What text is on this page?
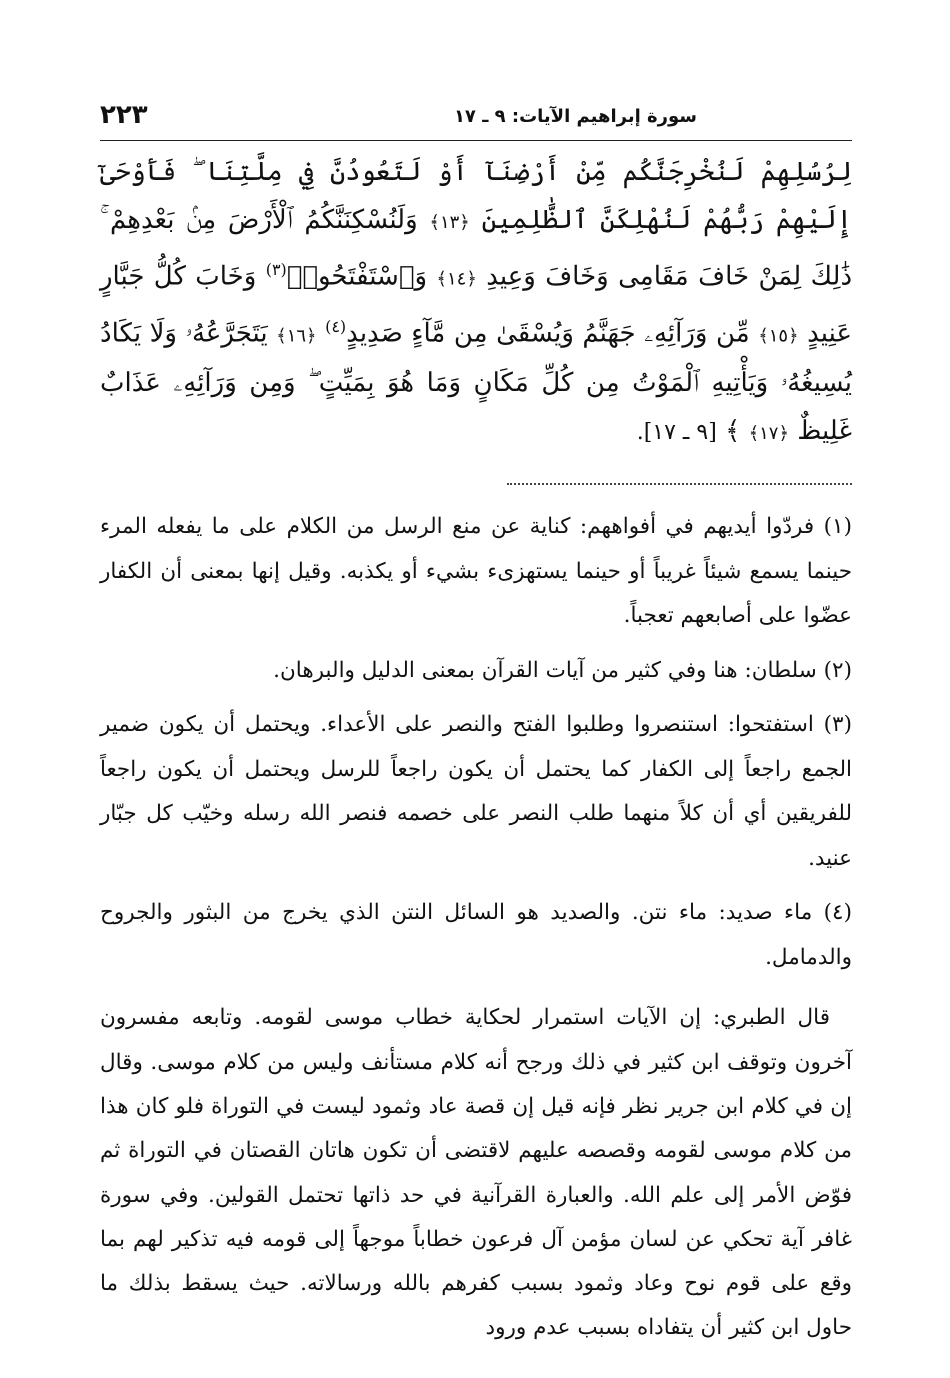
٢٢٣	سورة إبراهيم الآيات: ٩ ـ ١٧
لِرُسُلِهِمْ لَنُخْرِجَنَّكُم مِّنْ أَرْضِنَآ أَوْ لَتَعُودُنَّ فِي مِلَّتِنَا ۖ فَأَوْحَىٰٓ إِلَيْهِمْ رَبُّهُمْ لَنُهْلِكَنَّ ٱلظَّٰلِمِينَ ﴿١٣﴾ وَلَنُسْكِنَنَّكُمُ ٱلْأَرْضَ مِنۢ بَعْدِهِمْ ۚ ذَٰلِكَ لِمَنْ خَافَ مَقَامِى وَخَافَ وَعِيدِ ﴿١٤﴾ وَٱسْتَفْتَحُوا۟$^{(٣)}$ وَخَابَ كُلُّ جَبَّارٍ عَنِيدٍ ﴿١٥﴾ مِّن وَرَآئِهِۦ جَهَنَّمُ وَيُسْقَىٰ مِن مَّآءٍ صَدِيدٍ$^{(٤)}$ ﴿١٦﴾ يَتَجَرَّعُهُۥ وَلَا يَكَادُ يُسِيغُهُۥ وَيَأْتِيهِ ٱلْمَوْتُ مِن كُلِّ مَكَانٍ وَمَا هُوَ بِمَيِّتٍ ۖ وَمِن وَرَآئِهِۦ عَذَابٌ غَلِيظٌ ﴿١٧﴾ ﴾ [٩ ـ ١٧].

(١) فردّوا أيديهم في أفواههم: كناية عن منع الرسل من الكلام على ما يفعله المرء حينما يسمع شيئاً غريباً أو حينما يستهزىء بشيء أو يكذبه. وقيل إنها بمعنى أن الكفار عضّوا على أصابعهم تعجباً.

(٢) سلطان: هنا وفي كثير من آيات القرآن بمعنى الدليل والبرهان.

(٣) استفتحوا: استنصروا وطلبوا الفتح والنصر على الأعداء. ويحتمل أن يكون ضمير الجمع راجعاً إلى الكفار كما يحتمل أن يكون راجعاً للرسل ويحتمل أن يكون راجعاً للفريقين أي أن كلاً منهما طلب النصر على خصمه فنصر الله رسله وخيّب كل جبّار عنيد.

(٤) ماء صديد: ماء نتن. والصديد هو السائل النتن الذي يخرج من البثور والجروح والدمامل.

قال الطبري: إن الآيات استمرار لحكاية خطاب موسى لقومه. وتابعه مفسرون آخرون وتوقف ابن كثير في ذلك ورجح أنه كلام مستأنف وليس من كلام موسى. وقال إن في كلام ابن جرير نظر فإنه قيل إن قصة عاد وثمود ليست في التوراة فلو كان هذا من كلام موسى لقومه وقصصه عليهم لاقتضى أن تكون هاتان القصتان في التوراة ثم فوّض الأمر إلى علم الله. والعبارة القرآنية في حد ذاتها تحتمل القولين. وفي سورة غافر آية تحكي عن لسان مؤمن آل فرعون خطاباً موجهاً إلى قومه فيه تذكير لهم بما وقع على قوم نوح وعاد وثمود بسبب كفرهم بالله ورسالاته. حيث يسقط بذلك ما حاول ابن كثير أن يتفاداه بسبب عدم ورود
